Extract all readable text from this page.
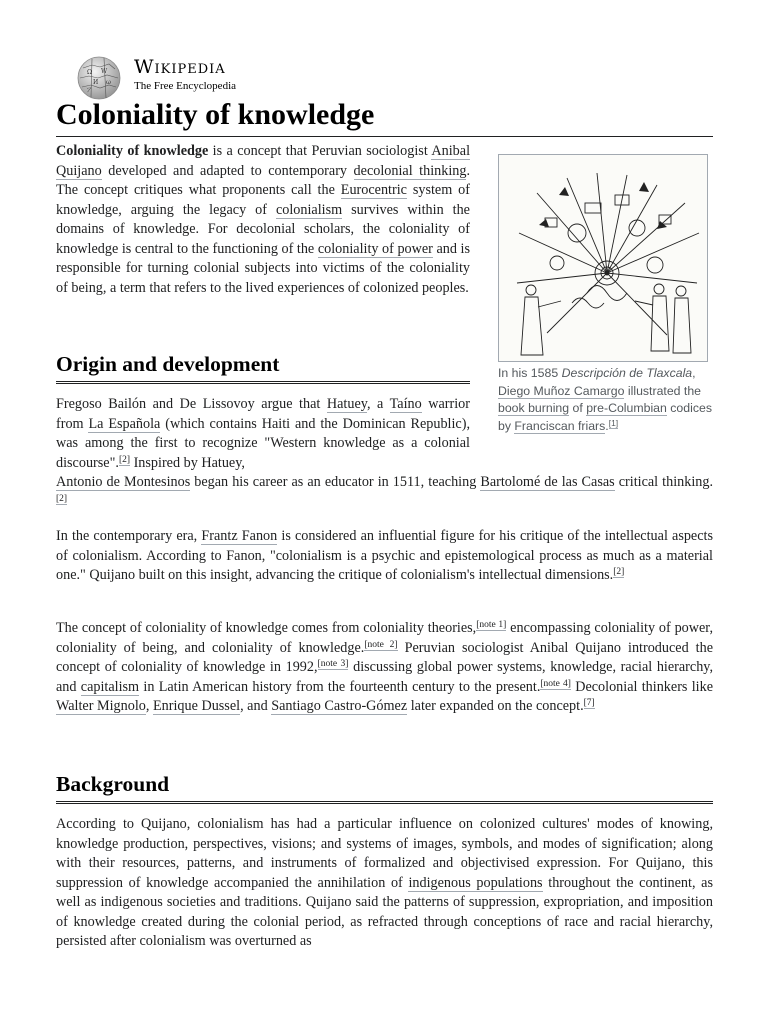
Ω W
И ω
ア
Wikipedia
The Free Encyclopedia
Coloniality of knowledge

Coloniality of knowledge is a concept that Peruvian sociologist Anibal Quijano developed and adapted to contemporary decolonial thinking. The concept critiques what proponents call the Eurocentric system of knowledge, arguing the legacy of colonialism survives within the domains of knowledge. For decolonial scholars, the coloniality of knowledge is central to the functioning of the coloniality of power and is responsible for turning colonial subjects into victims of the coloniality of being, a term that refers to the lived experiences of colonized peoples.

In his 1585 Descripción de Tlaxcala, Diego Muñoz Camargo illustrated the book burning of pre-Columbian codices by Franciscan friars.[1]
Origin and development

Fregoso Bailón and De Lissovoy argue that Hatuey, a Taíno warrior from La Española (which contains Haiti and the Dominican Republic), was among the first to recognize "Western knowledge as a colonial discourse".[2] Inspired by Hatuey,
Antonio de Montesinos began his career as an educator in 1511, teaching Bartolomé de las Casas critical thinking.[2]

In the contemporary era, Frantz Fanon is considered an influential figure for his critique of the intellectual aspects of colonialism. According to Fanon, "colonialism is a psychic and epistemological process as much as a material one." Quijano built on this insight, advancing the critique of colonialism's intellectual dimensions.[2]

The concept of coloniality of knowledge comes from coloniality theories,[note 1] encompassing coloniality of power, coloniality of being, and coloniality of knowledge.[note 2] Peruvian sociologist Anibal Quijano introduced the concept of coloniality of knowledge in 1992,[note 3] discussing global power systems, knowledge, racial hierarchy, and capitalism in Latin American history from the fourteenth century to the present.[note 4] Decolonial thinkers like Walter Mignolo, Enrique Dussel, and Santiago Castro-Gómez later expanded on the concept.[7]

Background

According to Quijano, colonialism has had a particular influence on colonized cultures' modes of knowing, knowledge production, perspectives, visions; and systems of images, symbols, and modes of signification; along with their resources, patterns, and instruments of formalized and objectivised expression. For Quijano, this suppression of knowledge accompanied the annihilation of indigenous populations throughout the continent, as well as indigenous societies and traditions. Quijano said the patterns of suppression, expropriation, and imposition of knowledge created during the colonial period, as refracted through conceptions of race and racial hierarchy, persisted after colonialism was overturned as
